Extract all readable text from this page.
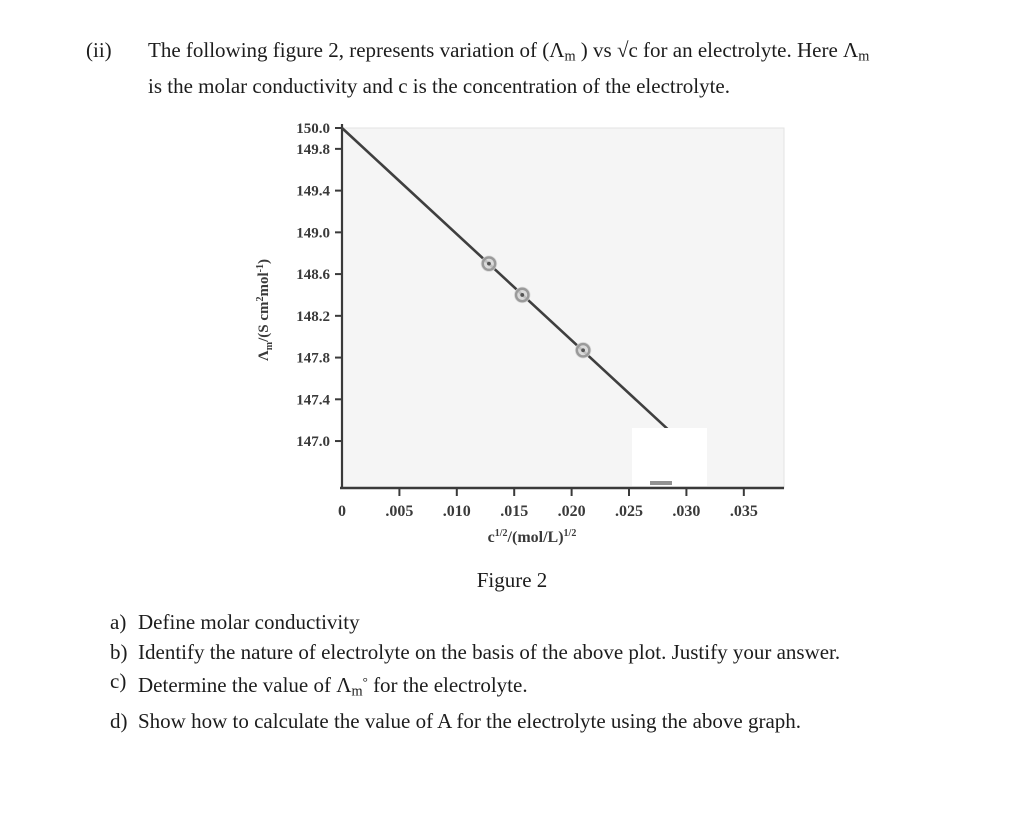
(ii)	The following figure 2, represents variation of ($\Lambda_m$ ) vs √c for an electrolyte. Here $\Lambda_m$
is the molar conductivity and c is the concentration of the electrolyte.
150.0
149.8
149.4
149.0
148.6
148.2
147.8
147.4
147.0
0 .005 .010 .015 .020 .025 .030 .035
$\Lambda_m/(S$ $cm^2mol^{-1}$)
$c^{1/2}/(mol/L)^{1/2}$
Figure 2
a) Define molar conductivity
b) Identify the nature of electrolyte on the basis of the above plot. Justify your answer.
c) Determine the value of $\Lambda_m^\circ$ for the electrolyte.
d) Show how to calculate the value of A for the electrolyte using the above graph.
